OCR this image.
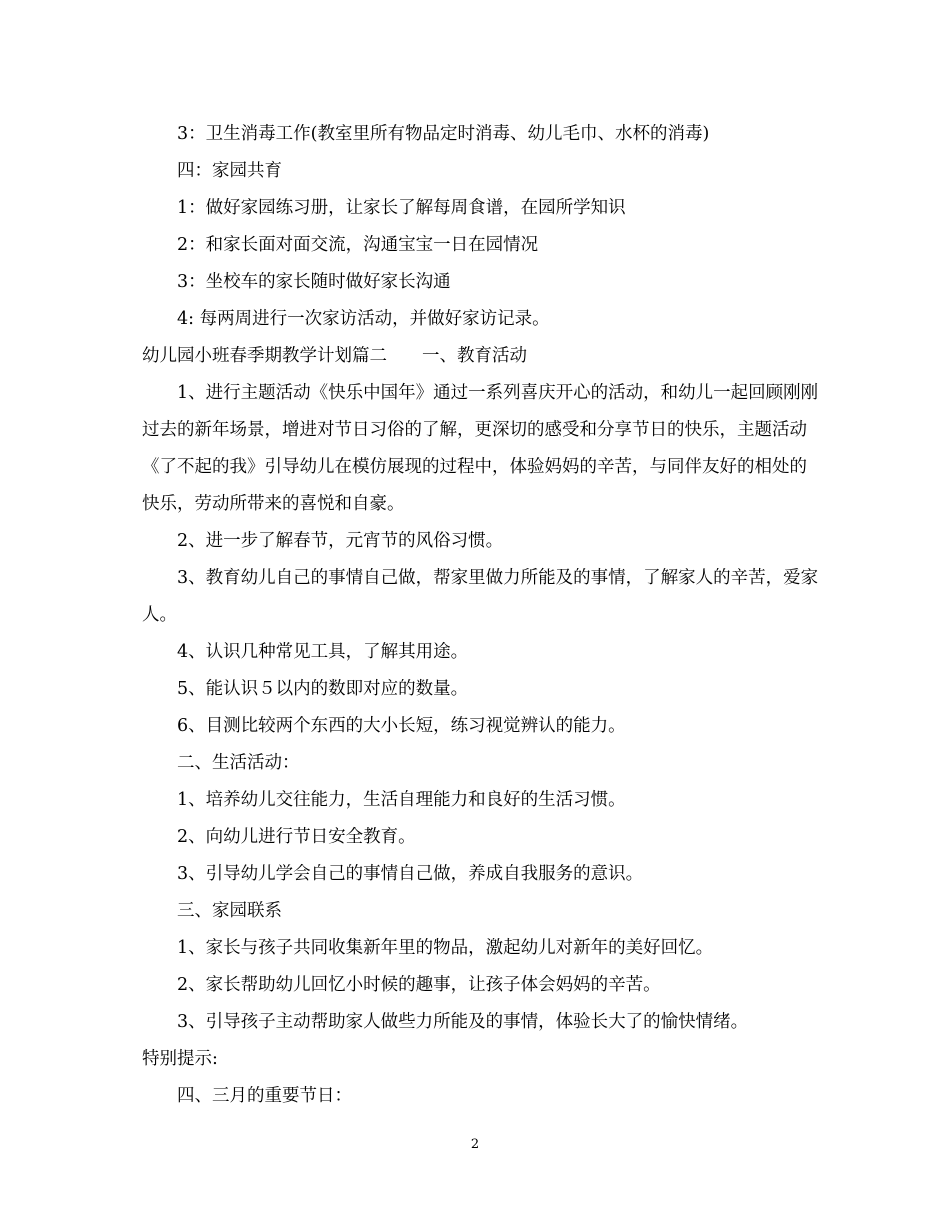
3：卫生消毒工作(教室里所有物品定时消毒、幼儿毛巾、水杯的消毒)

四：家园共育

1：做好家园练习册，让家长了解每周食谱，在园所学知识

2：和家长面对面交流，沟通宝宝一日在园情况

3：坐校车的家长随时做好家长沟通

4: 每两周进行一次家访活动，并做好家访记录。

幼儿园小班春季期教学计划篇二　　一、教育活动

1、进行主题活动《快乐中国年》通过一系列喜庆开心的活动，和幼儿一起回顾刚刚过去的新年场景，增进对节日习俗的了解，更深切的感受和分享节日的快乐，主题活动《了不起的我》引导幼儿在模仿展现的过程中，体验妈妈的辛苦，与同伴友好的相处的快乐，劳动所带来的喜悦和自豪。

2、进一步了解春节，元宵节的风俗习惯。

3、教育幼儿自己的事情自己做，帮家里做力所能及的事情，了解家人的辛苦，爱家人。

4、认识几种常见工具，了解其用途。

5、能认识５以内的数即对应的数量。

6、目测比较两个东西的大小长短，练习视觉辨认的能力。

二、生活活动：

1、培养幼儿交往能力，生活自理能力和良好的生活习惯。

2、向幼儿进行节日安全教育。

3、引导幼儿学会自己的事情自己做，养成自我服务的意识。

三、家园联系

1、家长与孩子共同收集新年里的物品，激起幼儿对新年的美好回忆。

2、家长帮助幼儿回忆小时候的趣事，让孩子体会妈妈的辛苦。

3、引导孩子主动帮助家人做些力所能及的事情，体验长大了的愉快情绪。

特别提示:

四、三月的重要节日：

2
